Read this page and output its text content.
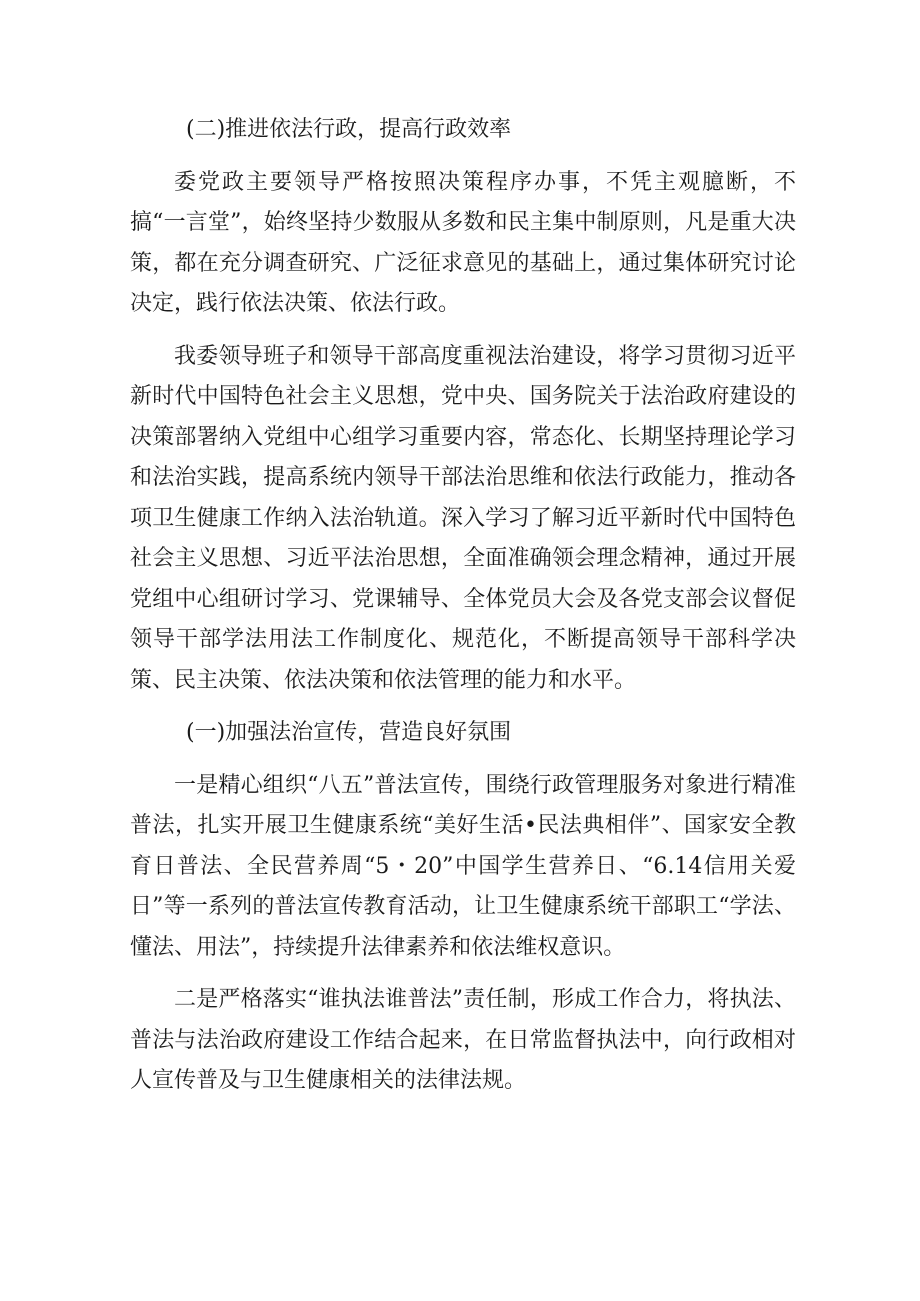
(二)推进依法行政，提高行政效率

委党政主要领导严格按照决策程序办事，不凭主观臆断，不搞“一言堂”，始终坚持少数服从多数和民主集中制原则，凡是重大决策，都在充分调查研究、广泛征求意见的基础上，通过集体研究讨论决定，践行依法决策、依法行政。

我委领导班子和领导干部高度重视法治建设，将学习贯彻习近平新时代中国特色社会主义思想，党中央、国务院关于法治政府建设的决策部署纳入党组中心组学习重要内容，常态化、长期坚持理论学习和法治实践，提高系统内领导干部法治思维和依法行政能力，推动各项卫生健康工作纳入法治轨道。深入学习了解习近平新时代中国特色社会主义思想、习近平法治思想，全面准确领会理念精神，通过开展党组中心组研讨学习、党课辅导、全体党员大会及各党支部会议督促领导干部学法用法工作制度化、规范化，不断提高领导干部科学决策、民主决策、依法决策和依法管理的能力和水平。

(一)加强法治宣传，营造良好氛围

一是精心组织“八五”普法宣传，围绕行政管理服务对象进行精准普法，扎实开展卫生健康系统“美好生活•民法典相伴”、国家安全教育日普法、全民营养周“5・20”中国学生营养日、“6.14信用关爱日”等一系列的普法宣传教育活动，让卫生健康系统干部职工“学法、懂法、用法”，持续提升法律素养和依法维权意识。

二是严格落实“谁执法谁普法”责任制，形成工作合力，将执法、普法与法治政府建设工作结合起来，在日常监督执法中，向行政相对人宣传普及与卫生健康相关的法律法规。
